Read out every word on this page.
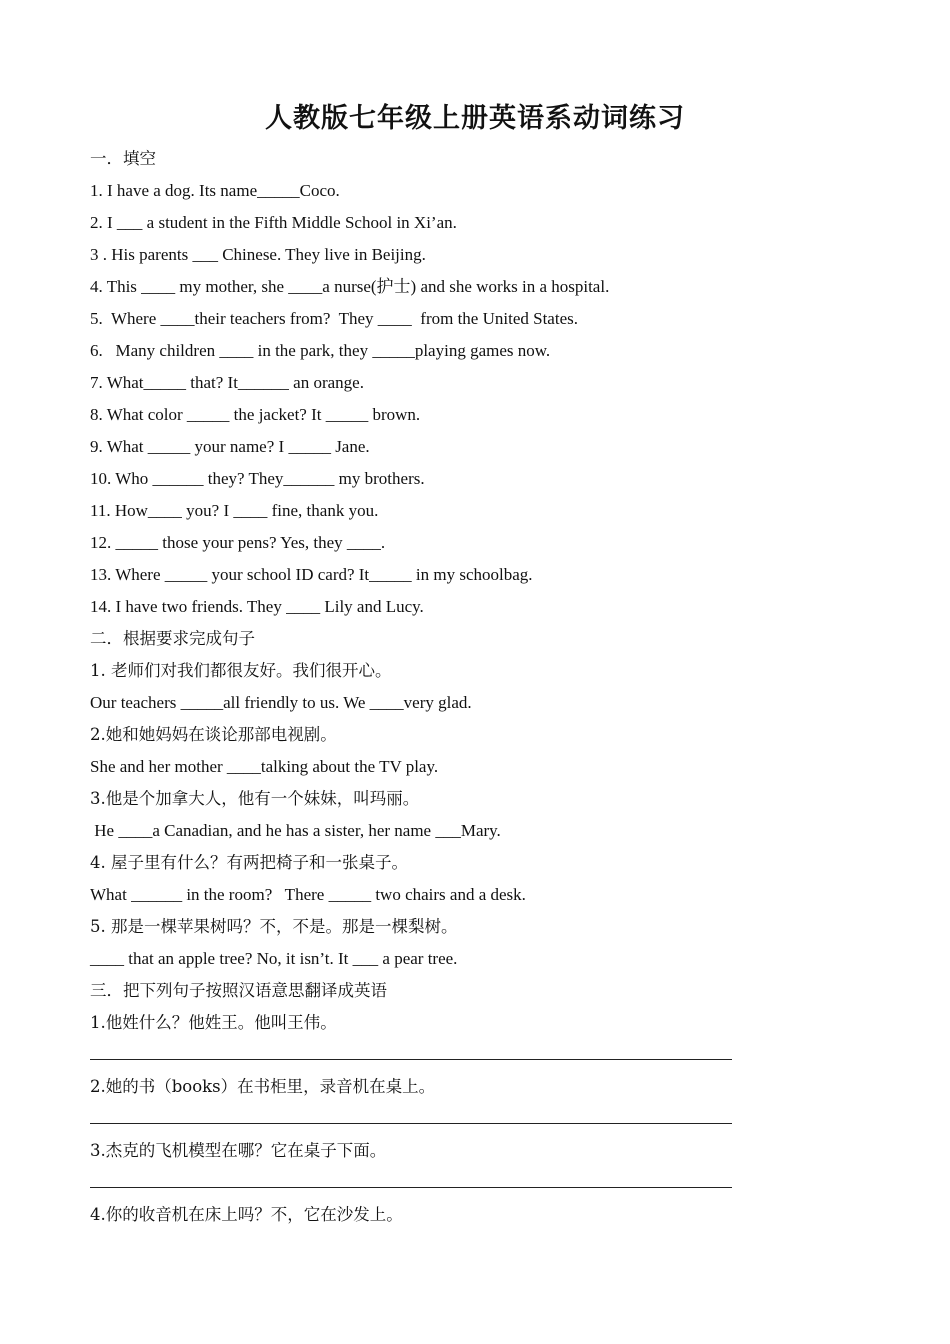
人教版七年级上册英语系动词练习
一．填空
1. I have a dog. Its name_____Coco.
2. I ___ a student in the Fifth Middle School in Xi’an.
3 . His parents ___ Chinese. They live in Beijing.
4. This ____ my mother, she ____a nurse(护士) and she works in a hospital.
5.  Where ____their teachers from?  They ____  from the United States.
6.   Many children ____ in the park, they _____playing games now.
7. What_____ that? It______ an orange.
8. What color _____ the jacket? It _____ brown.
9. What _____ your name? I _____ Jane.
10. Who ______ they? They______ my brothers.
11. How____ you? I ____ fine, thank you.
12. _____ those your pens? Yes, they ____.
13. Where _____ your school ID card? It_____ in my schoolbag.
14. I have two friends. They ____ Lily and Lucy.
二．根据要求完成句子
1. 老师们对我们都很友好。我们很开心。
Our teachers _____all friendly to us. We ____very glad.
2.她和她妈妈在谈论那部电视剧。
She and her mother ____talking about the TV play.
3.他是个加拿大人，他有一个妹妹，叫玛丽。
He ____a Canadian, and he has a sister, her name ___Mary.
4. 屋子里有什么？有两把椅子和一张桌子。
What ______ in the room?   There _____ two chairs and a desk.
5. 那是一棵苹果树吗？不，不是。那是一棵梨树。
____ that an apple tree? No, it isn’t. It ___ a pear tree.
三．把下列句子按照汉语意思翻译成英语
1.他姓什么？他姓王。他叫王伟。
2.她的书（books）在书柜里，录音机在桌上。
3.杰克的飞机模型在哪？它在桌子下面。
4.你的收音机在床上吗？不，它在沙发上。
